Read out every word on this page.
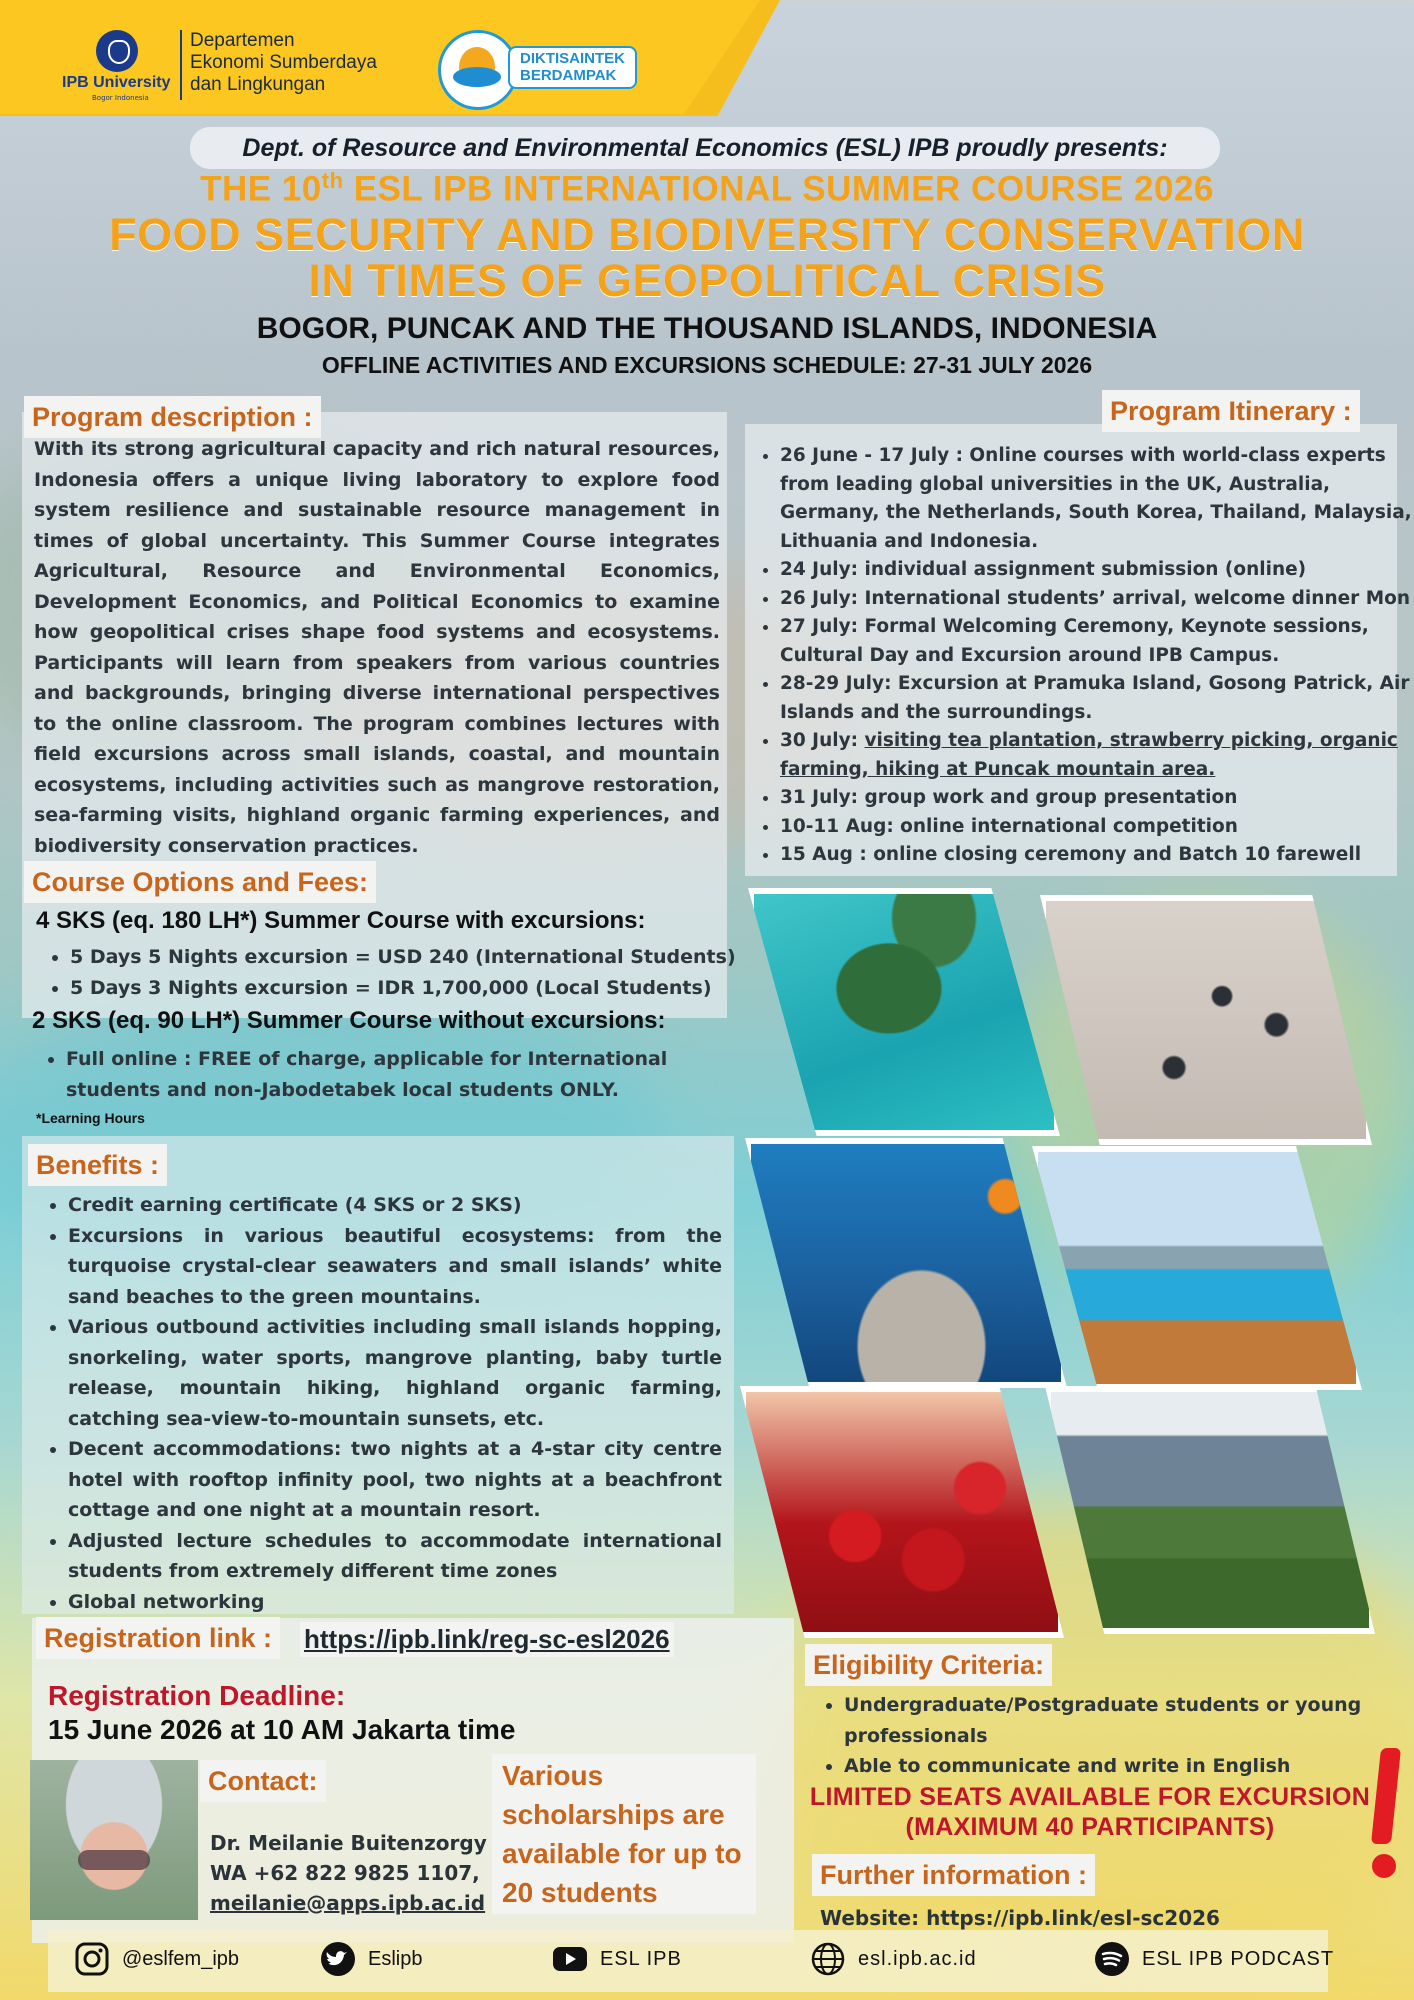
IPB University
Bogor Indonesia
Departemen
Ekonomi Sumberdaya
dan Lingkungan
DIKTISAINTEK
BERDAMPAK
Dept. of Resource and Environmental Economics (ESL) IPB proudly presents:
THE 10th ESL IPB INTERNATIONAL SUMMER COURSE 2026
FOOD SECURITY AND BIODIVERSITY CONSERVATION
IN TIMES OF GEOPOLITICAL CRISIS
BOGOR, PUNCAK AND THE THOUSAND ISLANDS, INDONESIA
OFFLINE ACTIVITIES AND EXCURSIONS SCHEDULE: 27-31 JULY 2026
Program description :
With its strong agricultural capacity and rich natural resources, Indonesia offers a unique living laboratory to explore food system resilience and sustainable resource management in times of global uncertainty. This Summer Course integrates Agricultural, Resource and Environmental Economics, Development Economics, and Political Economics to examine how geopolitical crises shape food systems and ecosystems. Participants will learn from speakers from various countries and backgrounds, bringing diverse international perspectives to the online classroom. The program combines lectures with field excursions across small islands, coastal, and mountain ecosystems, including activities such as mangrove restoration, sea-farming visits, highland organic farming experiences, and biodiversity conservation practices.
Program Itinerary :
• 26 June - 17 July : Online courses with world-class experts from leading global universities in the UK, Australia, Germany, the Netherlands, South Korea, Thailand, Malaysia, Lithuania and Indonesia.
• 24 July: individual assignment submission (online)
• 26 July: International students’ arrival, welcome dinner Mon
• 27 July: Formal Welcoming Ceremony, Keynote sessions, Cultural Day and Excursion around IPB Campus.
• 28-29 July: Excursion at Pramuka Island, Gosong Patrick, Air Islands and the surroundings.
• 30 July: visiting tea plantation, strawberry picking, organic farming, hiking at Puncak mountain area.
• 31 July: group work and group presentation
• 10-11 Aug: online international competition
• 15 Aug : online closing ceremony and Batch 10 farewell
Course Options and Fees:
4 SKS (eq. 180 LH*) Summer Course with excursions:
• 5 Days 5 Nights excursion = USD 240 (International Students)
• 5 Days 3 Nights excursion = IDR 1,700,000 (Local Students)
2 SKS (eq. 90 LH*) Summer Course without excursions:
• Full online : FREE of charge, applicable for International students and non-Jabodetabek local students ONLY.
*Learning Hours
Benefits :
• Credit earning certificate (4 SKS or 2 SKS)
• Excursions in various beautiful ecosystems: from the turquoise crystal-clear seawaters and small islands’ white sand beaches to the green mountains.
• Various outbound activities including small islands hopping, snorkeling, water sports, mangrove planting, baby turtle release, mountain hiking, highland organic farming, catching sea-view-to-mountain sunsets, etc.
• Decent accommodations: two nights at a 4-star city centre hotel with rooftop infinity pool, two nights at a beachfront cottage and one night at a mountain resort.
• Adjusted lecture schedules to accommodate international students from extremely different time zones
• Global networking
Registration link :	https://ipb.link/reg-sc-esl2026
Registration Deadline:
15 June 2026 at 10 AM Jakarta time
Contact:
Dr. Meilanie Buitenzorgy
WA +62 822 9825 1107,
meilanie@apps.ipb.ac.id
Various scholarships are available for up to 20 students
Eligibility Criteria:
• Undergraduate/Postgraduate students or young professionals
• Able to communicate and write in English
LIMITED SEATS AVAILABLE FOR EXCURSION
(MAXIMUM 40 PARTICIPANTS)
Further information :
Website: https://ipb.link/esl-sc2026
@eslfem_ipb	Eslipb	ESL IPB	esl.ipb.ac.id	ESL IPB PODCAST
